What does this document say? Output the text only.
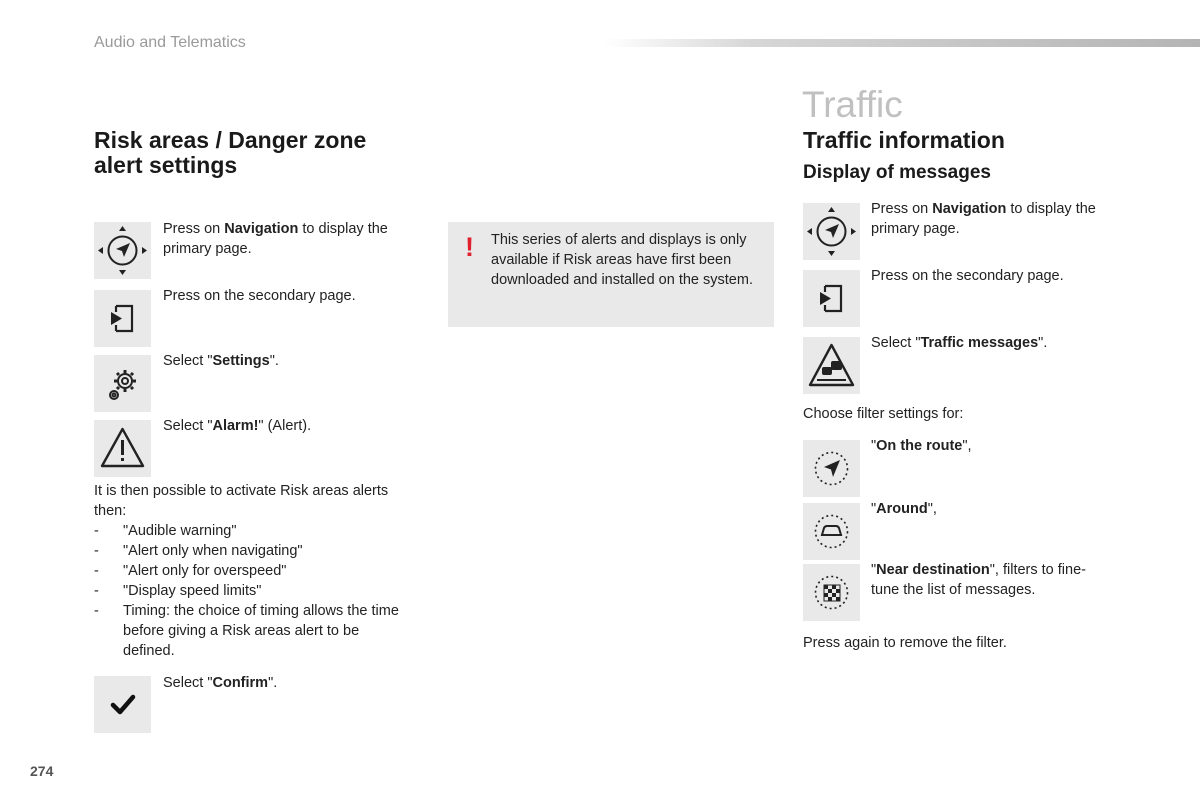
Audio and Telematics
Risk areas / Danger zone
alert settings
Press on Navigation to display the primary page.
Press on the secondary page.
Select "Settings".
Select "Alarm!" (Alert).
It is then possible to activate Risk areas alerts then:
- "Audible warning"
- "Alert only when navigating"
- "Alert only for overspeed"
- "Display speed limits"
- Timing: the choice of timing allows the time before giving a Risk areas alert to be defined.
Select "Confirm".
! This series of alerts and displays is only available if Risk areas have first been downloaded and installed on the system.
Traffic
Traffic information
Display of messages
Press on Navigation to display the primary page.
Press on the secondary page.
Select "Traffic messages".
Choose filter settings for:
"On the route",
"Around",
"Near destination", filters to fine-tune the list of messages.
Press again to remove the filter.
274
